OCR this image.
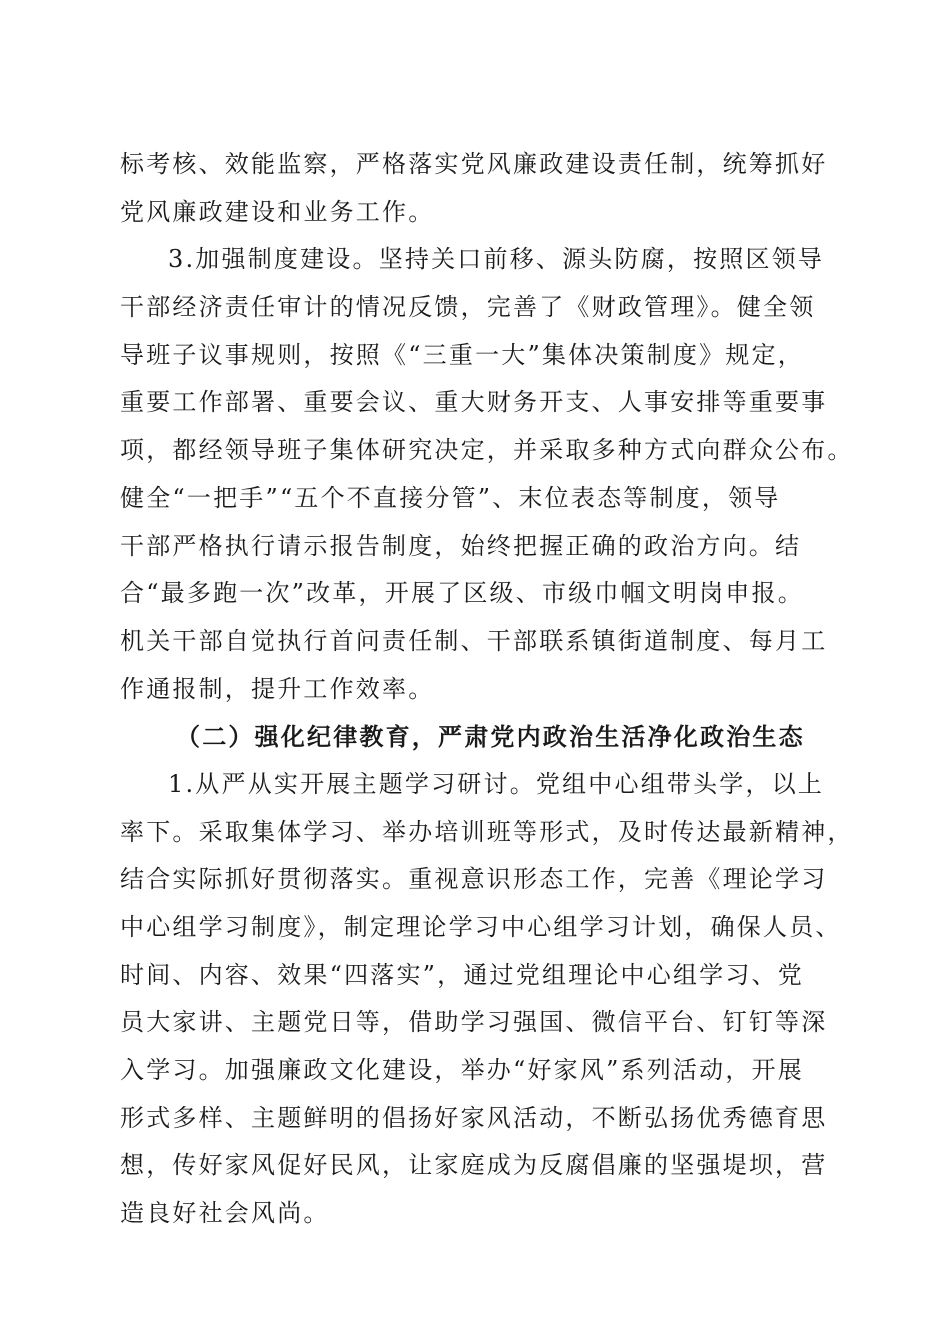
标考核、效能监察，严格落实党风廉政建设责任制，统筹抓好
党风廉政建设和业务工作。
3.加强制度建设。坚持关口前移、源头防腐，按照区领导
干部经济责任审计的情况反馈，完善了《财政管理》。健全领
导班子议事规则，按照《“三重一大”集体决策制度》规定，
重要工作部署、重要会议、重大财务开支、人事安排等重要事
项，都经领导班子集体研究决定，并采取多种方式向群众公布。
健全“一把手”“五个不直接分管”、末位表态等制度，领导
干部严格执行请示报告制度，始终把握正确的政治方向。结
合“最多跑一次”改革，开展了区级、市级巾帼文明岗申报。
机关干部自觉执行首问责任制、干部联系镇街道制度、每月工
作通报制，提升工作效率。
（二）强化纪律教育，严肃党内政治生活净化政治生态
1.从严从实开展主题学习研讨。党组中心组带头学，以上
率下。采取集体学习、举办培训班等形式，及时传达最新精神，
结合实际抓好贯彻落实。重视意识形态工作，完善《理论学习
中心组学习制度》，制定理论学习中心组学习计划，确保人员、
时间、内容、效果“四落实”，通过党组理论中心组学习、党
员大家讲、主题党日等，借助学习强国、微信平台、钉钉等深
入学习。加强廉政文化建设，举办“好家风”系列活动，开展
形式多样、主题鲜明的倡扬好家风活动，不断弘扬优秀德育思
想，传好家风促好民风，让家庭成为反腐倡廉的坚强堤坝，营
造良好社会风尚。
